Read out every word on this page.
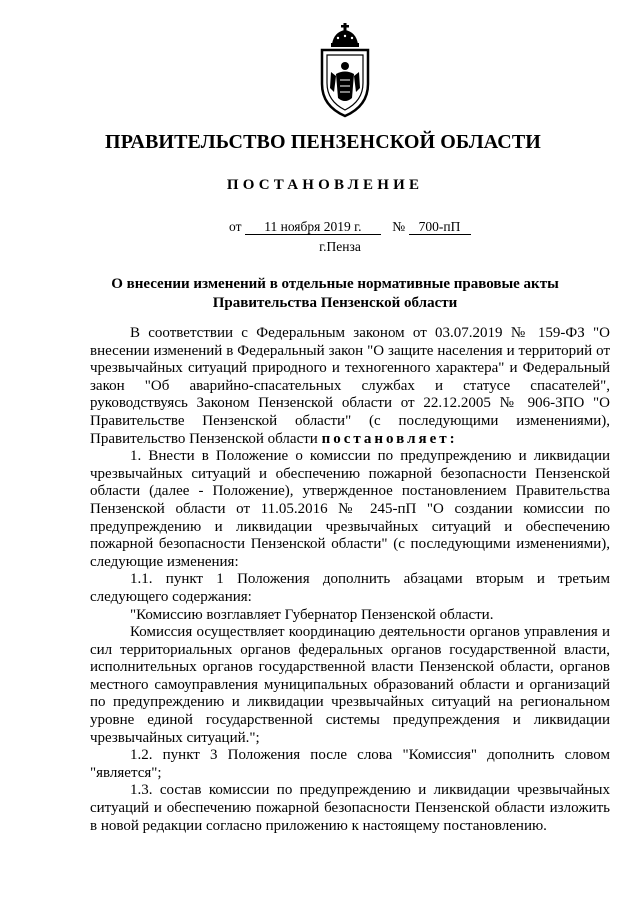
ПРАВИТЕЛЬСТВО ПЕНЗЕНСКОЙ ОБЛАСТИ
ПОСТАНОВЛЕНИЕ
от 11 ноября 2019 г. № 700-пП
г.Пенза
О внесении изменений в отдельные нормативные правовые акты
Правительства Пензенской области

В соответствии с Федеральным законом от 03.07.2019 № 159-ФЗ "О внесении изменений в Федеральный закон "О защите населения и территорий от чрезвычайных ситуаций природного и техногенного характера" и Федеральный закон "Об аварийно-спасательных службах и статусе спасателей", руководствуясь Законом Пензенской области от 22.12.2005 № 906-ЗПО "О Правительстве Пензенской области" (с последующими изменениями), Правительство Пензенской области постановляет:

1. Внести в Положение о комиссии по предупреждению и ликвидации чрезвычайных ситуаций и обеспечению пожарной безопасности Пензенской области (далее - Положение), утвержденное постановлением Правительства Пензенской области от 11.05.2016 № 245-пП "О создании комиссии по предупреждению и ликвидации чрезвычайных ситуаций и обеспечению пожарной безопасности Пензенской области" (с последующими изменениями), следующие изменения:

1.1. пункт 1 Положения дополнить абзацами вторым и третьим следующего содержания:

"Комиссию возглавляет Губернатор Пензенской области.

Комиссия осуществляет координацию деятельности органов управления и сил территориальных органов федеральных органов государственной власти, исполнительных органов государственной власти Пензенской области, органов местного самоуправления муниципальных образований области и организаций по предупреждению и ликвидации чрезвычайных ситуаций на региональном уровне единой государственной системы предупреждения и ликвидации чрезвычайных ситуаций.";

1.2. пункт 3 Положения после слова "Комиссия" дополнить словом "является";

1.3. состав комиссии по предупреждению и ликвидации чрезвычайных ситуаций и обеспечению пожарной безопасности Пензенской области изложить в новой редакции согласно приложению к настоящему постановлению.
